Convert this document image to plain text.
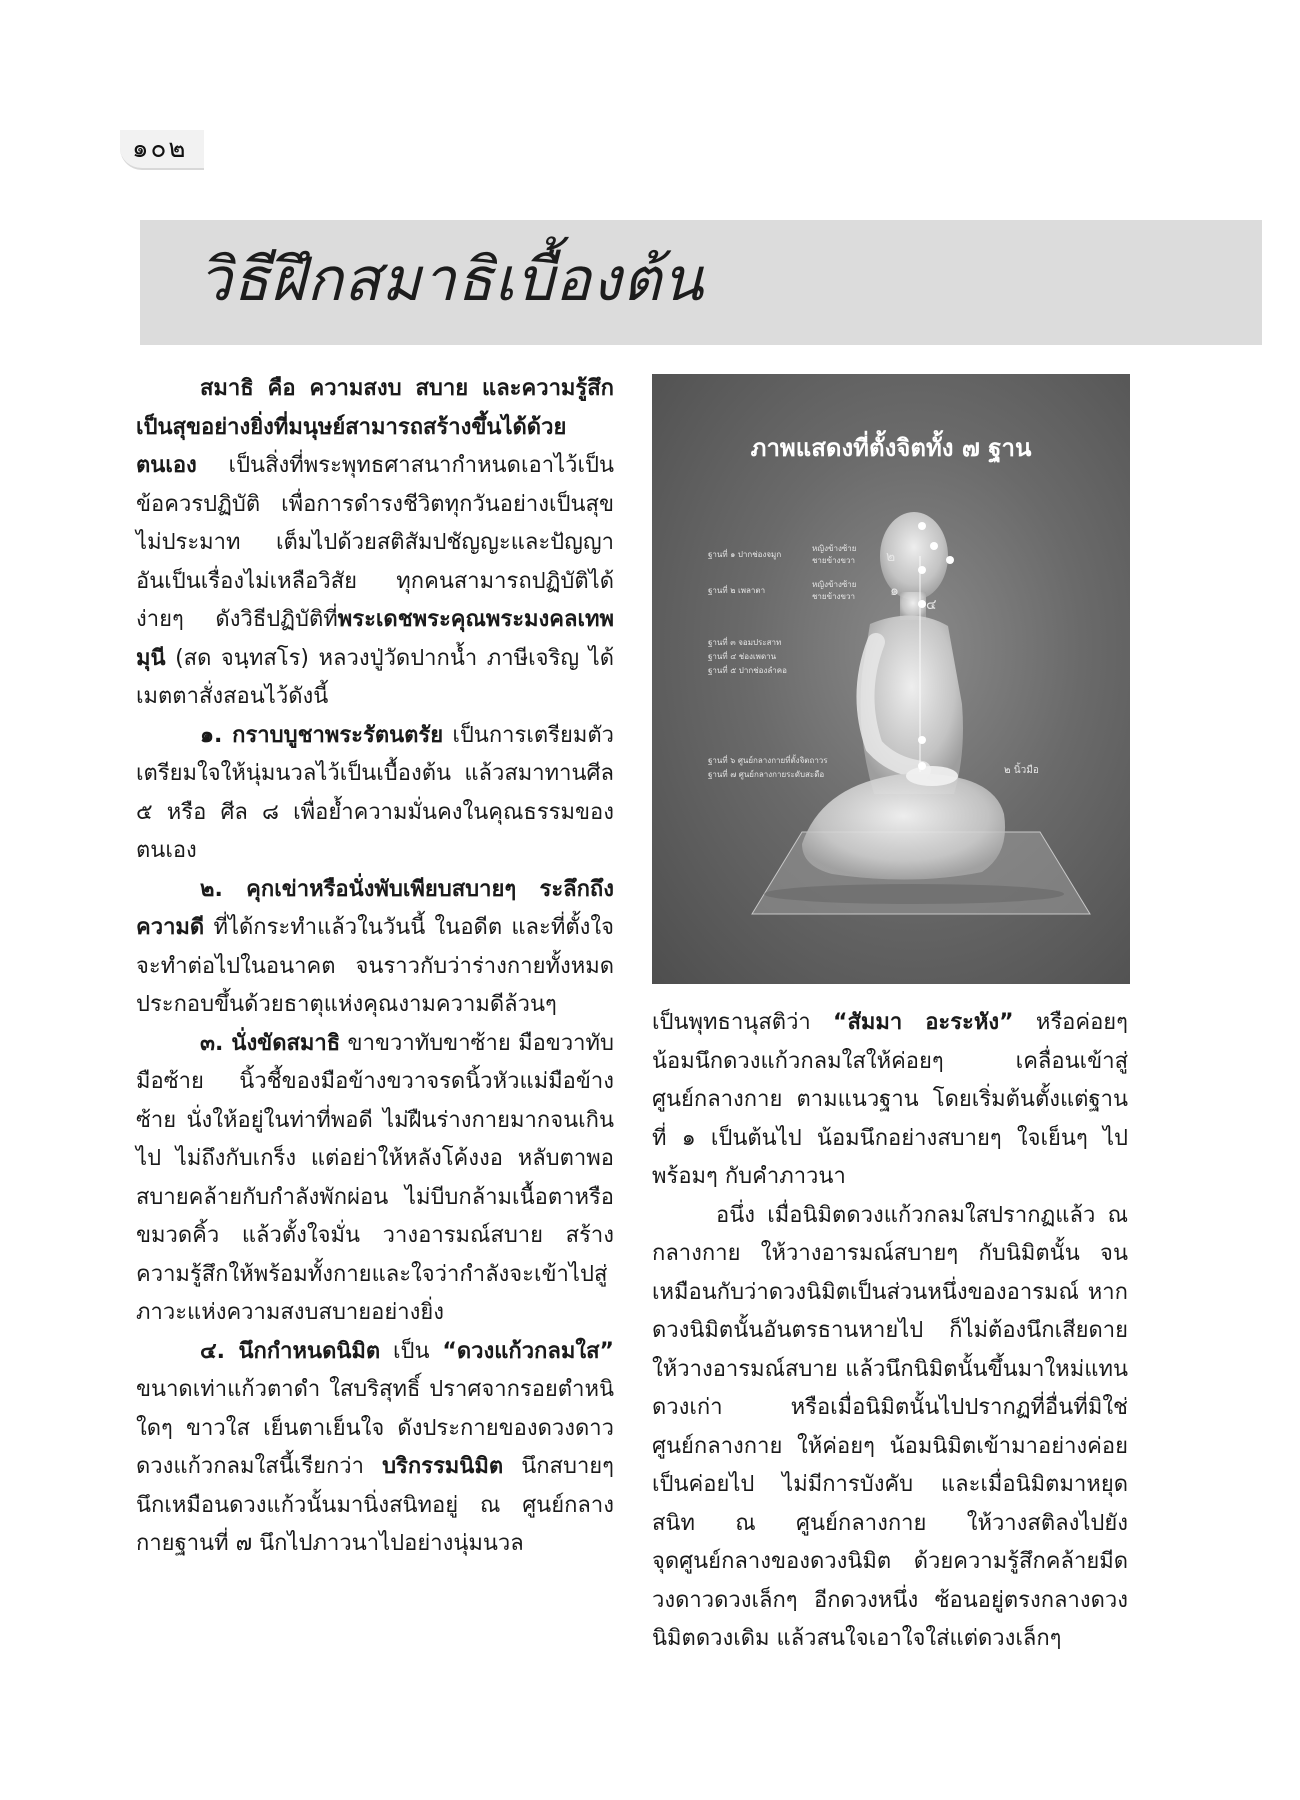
๑๐๒
วิธีฝึกสมาธิเบื้องต้น

สมาธิ คือ ความสงบ สบาย และความรู้สึกเป็นสุขอย่างยิ่งที่มนุษย์สามารถสร้างขึ้นได้ด้วยตนเอง เป็นสิ่งที่พระพุทธศาสนากำหนดเอาไว้เป็นข้อควรปฏิบัติ เพื่อการดำรงชีวิตทุกวันอย่างเป็นสุข ไม่ประมาท เต็มไปด้วยสติสัมปชัญญะและปัญญา อันเป็นเรื่องไม่เหลือวิสัย ทุกคนสามารถปฏิบัติได้ง่ายๆ ดังวิธีปฏิบัติที่พระเดชพระคุณพระมงคลเทพมุนี (สด จนฺทสโร) หลวงปู่วัดปากน้ำ ภาษีเจริญ ได้เมตตาสั่งสอนไว้ดังนี้

๑. กราบบูชาพระรัตนตรัย เป็นการเตรียมตัวเตรียมใจให้นุ่มนวลไว้เป็นเบื้องต้น แล้วสมาทานศีล ๕ หรือ ศีล ๘ เพื่อย้ำความมั่นคงในคุณธรรมของตนเอง

๒. คุกเข่าหรือนั่งพับเพียบสบายๆ ระลึกถึงความดี ที่ได้กระทำแล้วในวันนี้ ในอดีต และที่ตั้งใจจะทำต่อไปในอนาคต จนราวกับว่าร่างกายทั้งหมดประกอบขึ้นด้วยธาตุแห่งคุณงามความดีล้วนๆ

๓. นั่งขัดสมาธิ ขาขวาทับขาซ้าย มือขวาทับมือซ้าย นิ้วชี้ของมือข้างขวาจรดนิ้วหัวแม่มือข้างซ้าย นั่งให้อยู่ในท่าที่พอดี ไม่ฝืนร่างกายมากจนเกินไป ไม่ถึงกับเกร็ง แต่อย่าให้หลังโค้งงอ หลับตาพอสบายคล้ายกับกำลังพักผ่อน ไม่บีบกล้ามเนื้อตาหรือขมวดคิ้ว แล้วตั้งใจมั่น วางอารมณ์สบาย สร้างความรู้สึกให้พร้อมทั้งกายและใจว่ากำลังจะเข้าไปสู่ภาวะแห่งความสงบสบายอย่างยิ่ง

๔. นึกกำหนดนิมิต เป็น “ดวงแก้วกลมใส” ขนาดเท่าแก้วตาดำ ใสบริสุทธิ์ ปราศจากรอยตำหนิใดๆ ขาวใส เย็นตาเย็นใจ ดังประกายของดวงดาว ดวงแก้วกลมใสนี้เรียกว่า บริกรรมนิมิต นึกสบายๆ นึกเหมือนดวงแก้วนั้นมานิ่งสนิทอยู่ ณ ศูนย์กลางกายฐานที่ ๗ นึกไปภาวนาไปอย่างนุ่มนวล

ภาพแสดงที่ตั้งจิตทั้ง ๗ ฐาน
ฐานที่ ๑ ปากช่องจมูก
หญิงข้างซ้าย
ชายข้างขวา
ฐานที่ ๒ เพลาตา
หญิงข้างซ้าย
ชายข้างขวา
ฐานที่ ๓ จอมประสาท
ฐานที่ ๔ ช่องเพดาน
ฐานที่ ๕ ปากช่องลำคอ
ฐานที่ ๖ ศูนย์กลางกายที่ตั้งจิตถาวร
ฐานที่ ๗ ศูนย์กลางกายระดับสะดือ	๒ นิ้วมือ
๒
๑
๔

เป็นพุทธานุสติว่า “สัมมา อะระหัง” หรือค่อยๆ น้อมนึกดวงแก้วกลมใสให้ค่อยๆ เคลื่อนเข้าสู่ศูนย์กลางกาย ตามแนวฐาน โดยเริ่มต้นตั้งแต่ฐานที่ ๑ เป็นต้นไป น้อมนึกอย่างสบายๆ ใจเย็นๆ ไปพร้อมๆ กับคำภาวนา

อนึ่ง เมื่อนิมิตดวงแก้วกลมใสปรากฏแล้ว ณ กลางกาย ให้วางอารมณ์สบายๆ กับนิมิตนั้น จนเหมือนกับว่าดวงนิมิตเป็นส่วนหนึ่งของอารมณ์ หากดวงนิมิตนั้นอันตรธานหายไป ก็ไม่ต้องนึกเสียดาย ให้วางอารมณ์สบาย แล้วนึกนิมิตนั้นขึ้นมาใหม่แทนดวงเก่า หรือเมื่อนิมิตนั้นไปปรากฏที่อื่นที่มิใช่ศูนย์กลางกาย ให้ค่อยๆ น้อมนิมิตเข้ามาอย่างค่อยเป็นค่อยไป ไม่มีการบังคับ และเมื่อนิมิตมาหยุดสนิท ณ ศูนย์กลางกาย ให้วางสติลงไปยังจุดศูนย์กลางของดวงนิมิต ด้วยความรู้สึกคล้ายมีดวงดาวดวงเล็กๆ อีกดวงหนึ่ง ซ้อนอยู่ตรงกลางดวงนิมิตดวงเดิม แล้วสนใจเอาใจใส่แต่ดวงเล็กๆ
